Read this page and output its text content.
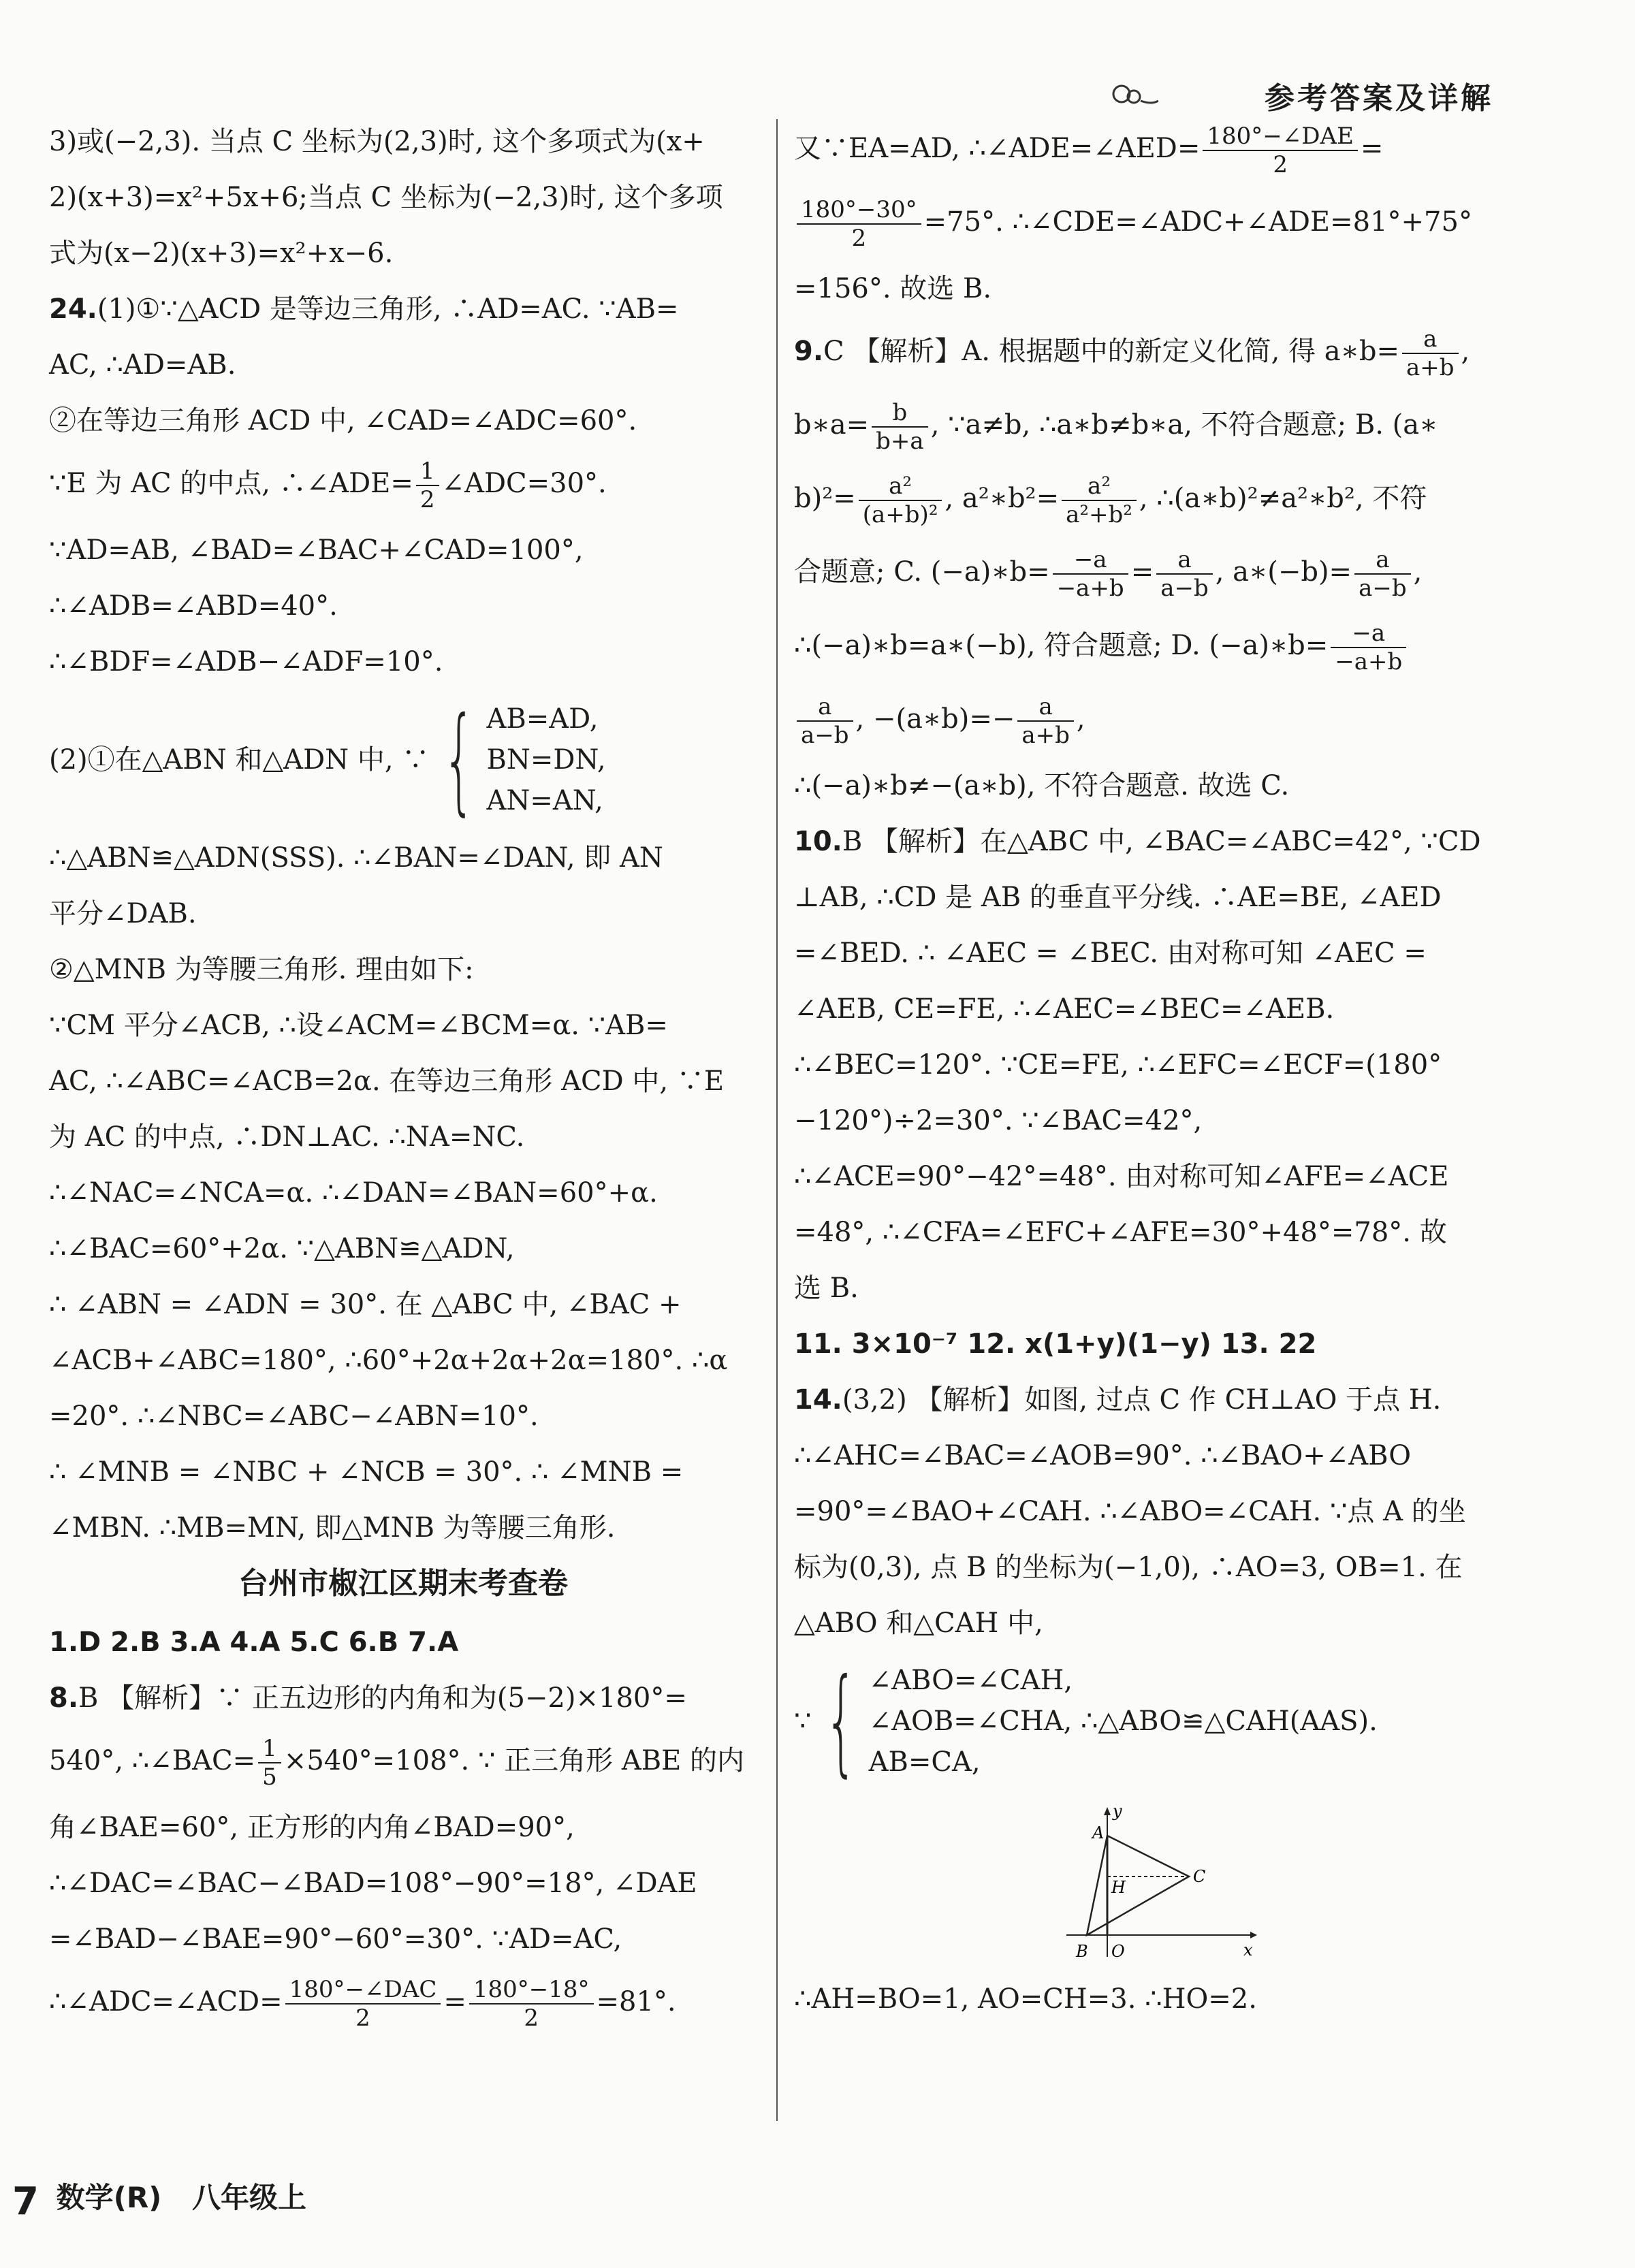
参考答案及详解
3)或(−2,3). 当点 C 坐标为(2,3)时, 这个多项式为(x+
2)(x+3)=x²+5x+6;当点 C 坐标为(−2,3)时, 这个多项
式为(x−2)(x+3)=x²+x−6.
24.(1)①∵△ACD 是等边三角形, ∴AD=AC. ∵AB=
AC, ∴AD=AB.
②在等边三角形 ACD 中, ∠CAD=∠ADC=60°.
∵E 为 AC 的中点, ∴∠ADE= $\frac{1}{2}$ ∠ADC=30°.
∵AD=AB, ∠BAD=∠BAC+∠CAD=100°,
∴∠ADB=∠ABD=40°.
∴∠BDF=∠ADB−∠ADF=10°.
(2)①在△ABN 和△ADN 中, ∵ { AB=AD,
BN=DN,
AN=AN,
∴△ABN≌△ADN(SSS). ∴∠BAN=∠DAN, 即 AN
平分∠DAB.
②△MNB 为等腰三角形. 理由如下:
∵CM 平分∠ACB, ∴设∠ACM=∠BCM=α. ∵AB=
AC, ∴∠ABC=∠ACB=2α. 在等边三角形 ACD 中, ∵E
为 AC 的中点, ∴DN⊥AC. ∴NA=NC.
∴∠NAC=∠NCA=α. ∴∠DAN=∠BAN=60°+α.
∴∠BAC=60°+2α. ∵△ABN≌△ADN,
∴ ∠ABN = ∠ADN = 30°. 在 △ABC 中, ∠BAC +
∠ACB+∠ABC=180°, ∴60°+2α+2α+2α=180°. ∴α
=20°. ∴∠NBC=∠ABC−∠ABN=10°.
∴ ∠MNB = ∠NBC + ∠NCB = 30°. ∴ ∠MNB =
∠MBN. ∴MB=MN, 即△MNB 为等腰三角形.
台州市椒江区期末考查卷
1.D 2.B 3.A 4.A 5.C 6.B 7.A
8.B 【解析】∵ 正五边形的内角和为(5−2)×180°=
540°, ∴∠BAC= $\frac{1}{5} \times 540^\circ=108^\circ$. ∵ 正三角形 ABE 的内
角∠BAE=60°, 正方形的内角∠BAD=90°,
∴∠DAC=∠BAC−∠BAD=108°−90°=18°, ∠DAE
=∠BAD−∠BAE=90°−60°=30°. ∵AD=AC,
∴∠ADC=∠ACD= $\frac{\text{180°−∠DAC}}{2} = \frac{180^\circ-18^\circ}{2} =81^\circ$.
又∵EA=AD, ∴∠ADE=∠AED= $\frac{\text{180°−∠DAE}}{2}$ =
$\frac{180^\circ-30^\circ}{2} =75^\circ$. ∴∠CDE=∠ADC+∠ADE=81°+75°
=156°. 故选 B.
9.C 【解析】A. 根据题中的新定义化简, 得 a∗b= $\frac{a}{a+b}$ ,
b∗a= $\frac{b}{b+a}$ , ∵a≠b, ∴a∗b≠b∗a, 不符合题意; B. (a∗
$b)^2= \frac{\text{a²}}{\text{(a+b)²}}$ , a²∗b²= $\frac{\text{a²}}{\text{a²+b²}}$ , ∴(a∗b)²≠a²∗b², 不符
合题意; C. (−a)∗b= $\frac{-a}{-a+b} = \frac{a}{a-b}$ , a∗(−b)= $\frac{a}{a-b}$ ,
∴(−a)∗b=a∗(−b), 符合题意; D. (−a)∗b= $\frac{-a}{-a+b}$
$\frac{a}{a-b}$ , −(a∗b)=− $\frac{a}{a+b}$ ,
∴(−a)∗b≠−(a∗b), 不符合题意. 故选 C.
10.B 【解析】在△ABC 中, ∠BAC=∠ABC=42°, ∵CD
⊥AB, ∴CD 是 AB 的垂直平分线. ∴AE=BE, ∠AED
=∠BED. ∴ ∠AEC = ∠BEC. 由对称可知 ∠AEC =
∠AEB, CE=FE, ∴∠AEC=∠BEC=∠AEB.
∴∠BEC=120°. ∵CE=FE, ∴∠EFC=∠ECF=(180°
−120°)÷2=30°. ∵∠BAC=42°,
∴∠ACE=90°−42°=48°. 由对称可知∠AFE=∠ACE
=48°, ∴∠CFA=∠EFC+∠AFE=30°+48°=78°. 故
选 B.
11. 3×10⁻⁷ 12. x(1+y)(1−y) 13. 22
14.(3,2) 【解析】如图, 过点 C 作 CH⊥AO 于点 H.
∴∠AHC=∠BAC=∠AOB=90°. ∴∠BAO+∠ABO
=90°=∠BAO+∠CAH. ∴∠ABO=∠CAH. ∵点 A 的坐
标为(0,3), 点 B 的坐标为(−1,0), ∴AO=3, OB=1. 在
△ABO 和△CAH 中,
∵ { ∠ABO=∠CAH,
∠AOB=∠CHA, ∴△ABO≌△CAH(AAS).
AB=CA,
y
x
A
B O
C
H
∴AH=BO=1, AO=CH=3. ∴HO=2.
7 数学(R) 八年级上
